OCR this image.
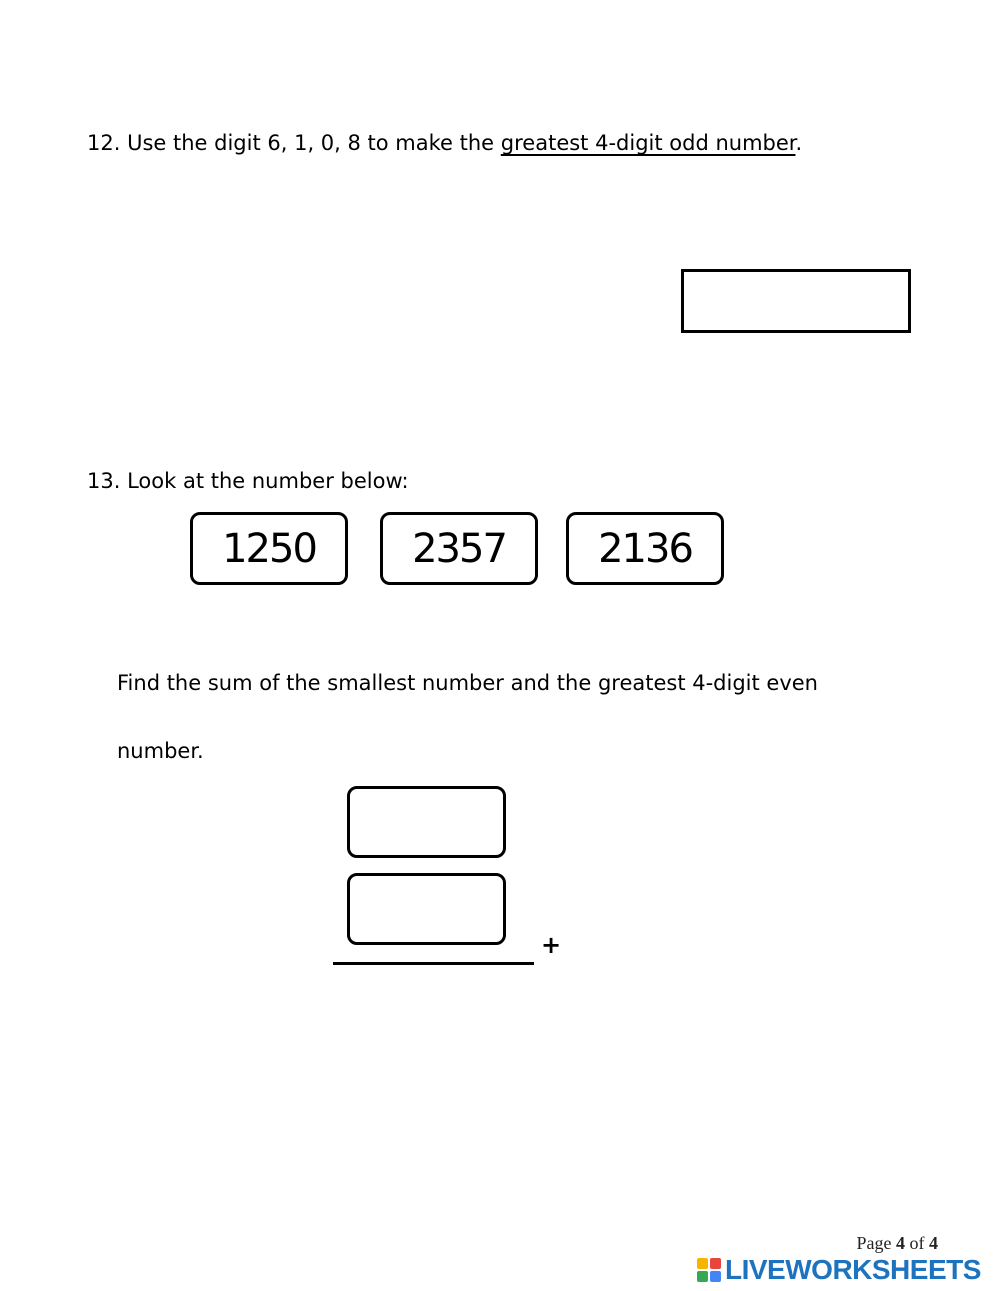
12. Use the digit 6, 1, 0, 8 to make the greatest 4-digit odd number.
13. Look at the number below:
1250	2357	2136
Find the sum of the smallest number and the greatest 4-digit even
number.
+
Page 4 of 4
LIVEWORKSHEETS
